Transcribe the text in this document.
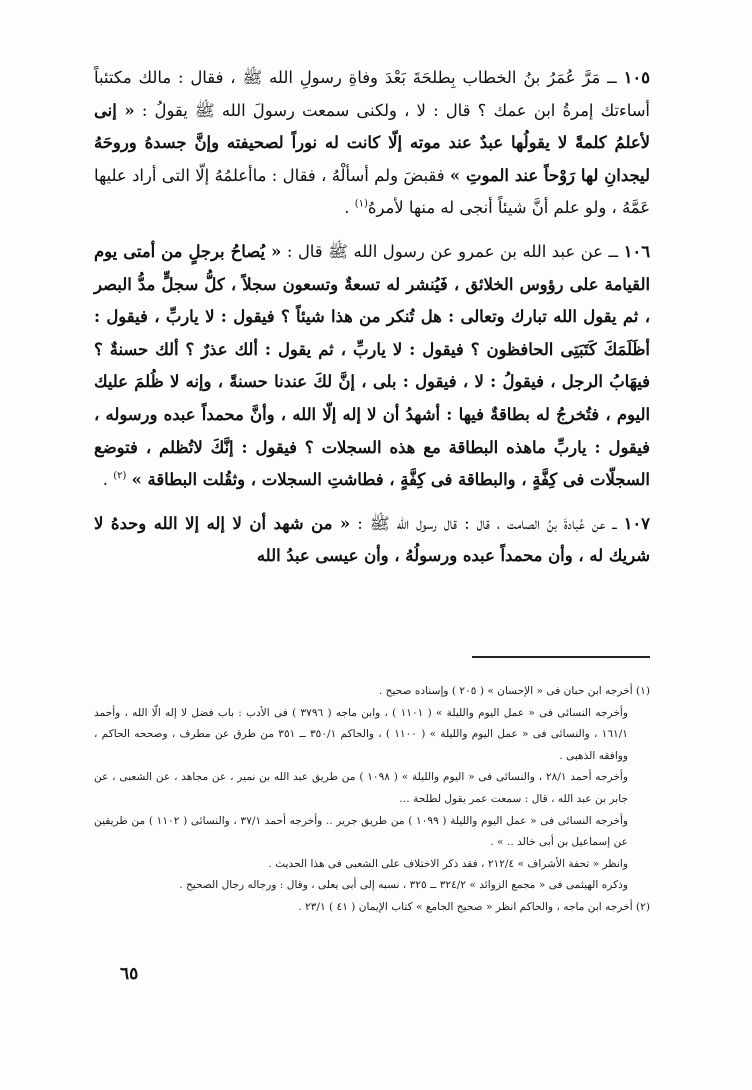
١٠٥ ــ مَرَّ عُمَرُ بنُ الخطاب بِطلحَةَ بَعْدَ وفاةِ رسولِ الله ﷺ ، فقال : مالك مكتئباً أساءتك إمرةُ ابن عمك ؟ قال : لا ، ولكنى سمعت رسولَ الله ﷺ يقولُ : « إنى لأعلمُ كلمةً لا يقولُها عبدٌ عند موته إلّا كانت له نوراً لصحيفته وإنَّ جسدهُ وروحَهُ ليجدانِ لها رَوْحاً عند الموتِ » فقبضَ ولم أسألْهُ ، فقال : ماأعلمُهُ إلّا التى أراد عليها عَمَّهُ ، ولو علم أنَّ شيئاً أنجى له منها لأمرهُ$^{(١)}$ .

١٠٦ ــ عن عبد الله بن عمرو عن رسول الله ﷺ قال : « يُصاحُ برجلٍ من أمتى يوم القيامة على رؤوس الخلائق ، فَيُنشر له تسعةٌ وتسعون سجلاً ، كلُّ سجلٍّ مدُّ البصر ، ثم يقول الله تبارك وتعالى : هل تُنكر من هذا شيئاً ؟ فيقول : لا ياربِّ ، فيقول : أظَلَمَكَ كَتَبَتِى الحافظون ؟ فيقول : لا ياربِّ ، ثم يقول : ألك عذرٌ ؟ ألك حسنةٌ ؟ فيهَابُ الرجل ، فيقولُ : لا ، فيقول : بلى ، إنَّ لكَ عندنا حسنةً ، وإنه لا ظُلمَ عليك اليوم ، فتُخرجُ له بطاقةٌ فيها : أشهدُ أن لا إله إلّا الله ، وأنَّ محمداً عبده ورسوله ، فيقول : ياربِّ ماهذه البطاقة مع هذه السجلات ؟ فيقول : إنَّكَ لاتُظلم ، فتوضع السجلّات فى كِفَّةٍ ، والبطاقة فى كِفَّةٍ ، فطاشتِ السجلات ، وثقُلت البطاقة » $^{(٢)}$ .

١٠٧ ــ عن عُبادةَ بنُ الصامت ، قال : قال رسول الله ﷺ : « من شهد أن لا إله إلا الله وحدهُ لا شريك له ، وأن محمداً عبده ورسولُهُ ، وأن عيسى عبدُ الله

(١) أخرجه ابن حبان فى « الإحسان » ( ٢٠٥ ) وإسناده صحيح .

وأخرجه النسائى فى « عمل اليوم والليلة » ( ١١٠١ ) ، وابن ماجه ( ٣٧٩٦ ) فى الأدب : باب فضل لا إله الّا الله ، وأحمد ١٦١/١ ، والنسائى فى « عمل اليوم والليلة » ( ١١٠٠ ) ، والحاكم ٣٥٠/١ ــ ٣٥١ من طرق عن مطرف ، وصححه الحاكم ، ووافقه الذهبى .

وأخرجه أحمد ٢٨/١ ، والنسائى فى « اليوم والليلة » ( ١٠٩٨ ) من طريق عبد الله بن نمير ، عن مجاهد ، عن الشعبى ، عن جابر بن عبد الله ، قال : سمعت عمر يقول لطلحة …

وأخرجه النسائى فى « عمل اليوم والليلة ( ١٠٩٩ ) من طريق جرير .. وأخرجه أحمد ٣٧/١ ، والنسائى ( ١١٠٢ ) من طريقين عن إسماعيل بن أبى خالد .. » .

وانظر « تحفة الأشراف » ٢١٢/٤ ، فقد ذكر الاختلاف على الشعبى فى هذا الحديث .

وذكره الهيثمى فى « مجمع الزوائد » ٣٢٤/٢ ــ ٣٢٥ ، نسبه إلى أبى يعلى ، وقال : ورجاله رجال الصحيح .

(٢) أخرجه ابن ماجه ، والحاكم انظر « صحيح الجامع » كتاب الإيمان ( ٤١ ) ٢٣/١ .

٦٥
